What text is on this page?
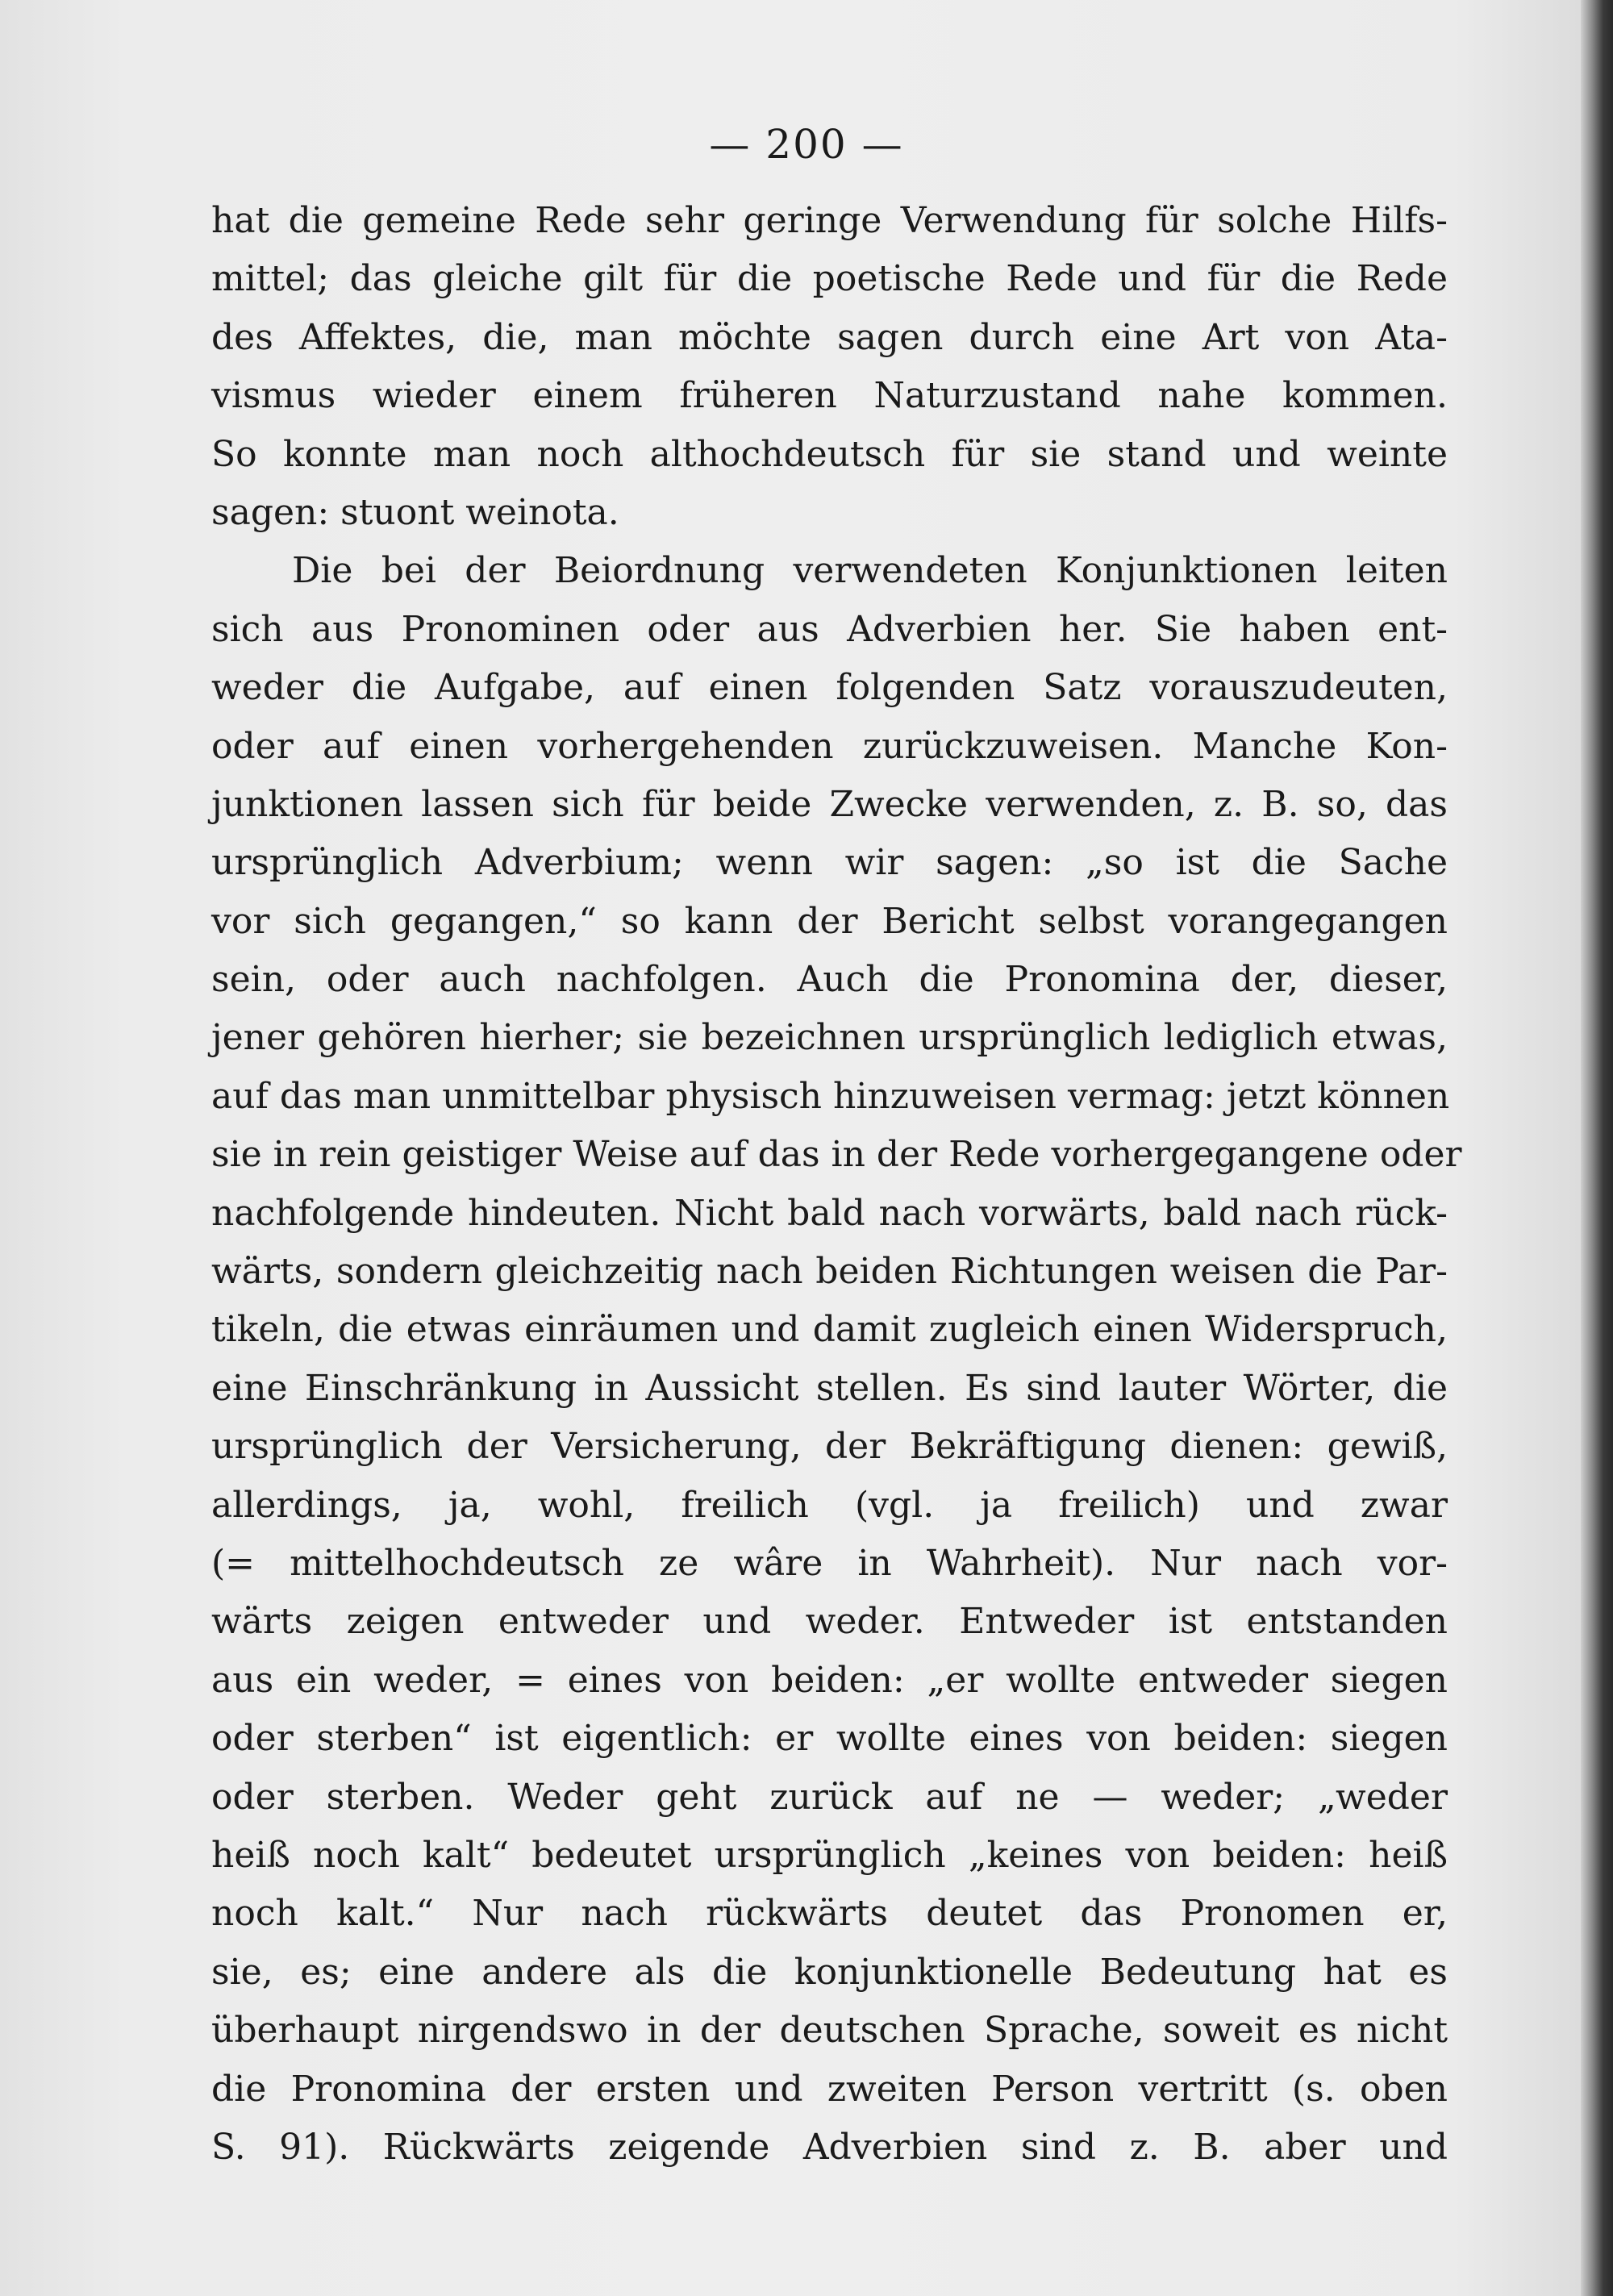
— 200 —
hat die gemeine Rede sehr geringe Verwendung für solche Hilfs-
mittel; das gleiche gilt für die poetische Rede und für die Rede
des Affektes, die, man möchte sagen durch eine Art von Ata-
vismus wieder einem früheren Naturzustand nahe kommen.
So konnte man noch althochdeutsch für sie stand und weinte
sagen: stuont weinota.
Die bei der Beiordnung verwendeten Konjunktionen leiten
sich aus Pronominen oder aus Adverbien her. Sie haben ent-
weder die Aufgabe, auf einen folgenden Satz vorauszudeuten,
oder auf einen vorhergehenden zurückzuweisen. Manche Kon-
junktionen lassen sich für beide Zwecke verwenden, z. B. so, das
ursprünglich Adverbium; wenn wir sagen: „so ist die Sache
vor sich gegangen,“ so kann der Bericht selbst vorangegangen
sein, oder auch nachfolgen. Auch die Pronomina der, dieser,
jener gehören hierher; sie bezeichnen ursprünglich lediglich etwas,
auf das man unmittelbar physisch hinzuweisen vermag: jetzt können
sie in rein geistiger Weise auf das in der Rede vorhergegangene oder
nachfolgende hindeuten. Nicht bald nach vorwärts, bald nach rück-
wärts, sondern gleichzeitig nach beiden Richtungen weisen die Par-
tikeln, die etwas einräumen und damit zugleich einen Widerspruch,
eine Einschränkung in Aussicht stellen. Es sind lauter Wörter, die
ursprünglich der Versicherung, der Bekräftigung dienen: gewiß,
allerdings, ja, wohl, freilich (vgl. ja freilich) und zwar
(= mittelhochdeutsch ze wâre in Wahrheit). Nur nach vor-
wärts zeigen entweder und weder. Entweder ist entstanden
aus ein weder, = eines von beiden: „er wollte entweder siegen
oder sterben“ ist eigentlich: er wollte eines von beiden: siegen
oder sterben. Weder geht zurück auf ne — weder; „weder
heiß noch kalt“ bedeutet ursprünglich „keines von beiden: heiß
noch kalt.“ Nur nach rückwärts deutet das Pronomen er,
sie, es; eine andere als die konjunktionelle Bedeutung hat es
überhaupt nirgendswo in der deutschen Sprache, soweit es nicht
die Pronomina der ersten und zweiten Person vertritt (s. oben
S. 91). Rückwärts zeigende Adverbien sind z. B. aber und
